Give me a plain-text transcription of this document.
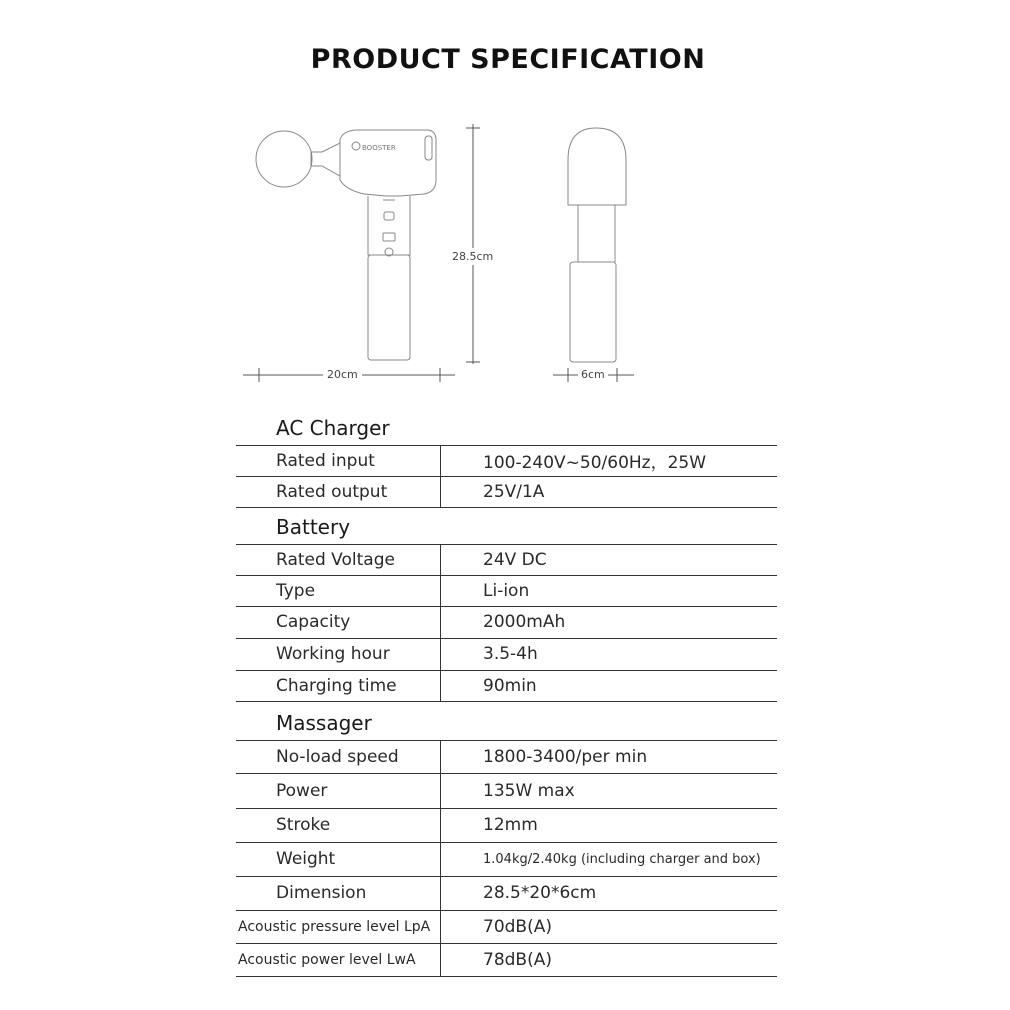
PRODUCT SPECIFICATION
BOOSTER
28.5cm
20cm	6cm
AC Charger
Rated input	100-240V~50/60Hz，25W
Rated output	25V/1A
Battery
Rated Voltage	24V DC
Type	Li-ion
Capacity	2000mAh
Working hour	3.5-4h
Charging time	90min
Massager
No-load speed	1800-3400/per min
Power	135W max
Stroke	12mm
Weight	1.04kg/2.40kg (including charger and box)
Dimension	28.5*20*6cm
Acoustic pressure level LpA	70dB(A)
Acoustic power level LwA	78dB(A)
